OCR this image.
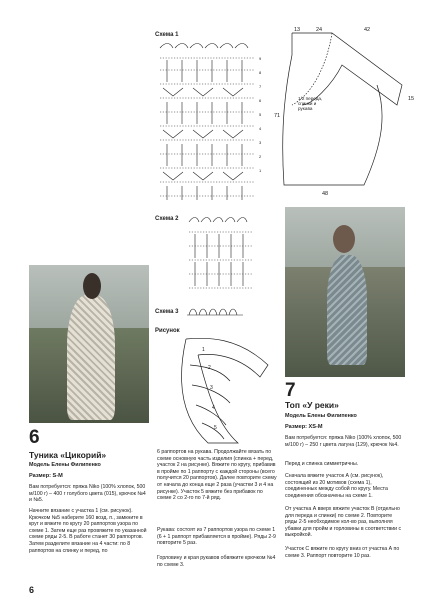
Схема 1
9
8
7
6
5
4
3
2
1
13	24	42
15
71
48
1/2 переда, спинки и рукава
Схема 2
Схема 3
Рисунок
1
2
3
4
5
6
Туника «Цикорий»
Модель Елены Филипенко
Размер: S-M
Вам потребуется: пряжа Niko (100% хлопок, 500 м/100 г) – 400 г голубого цвета (015), крючок №4 и №5.
Начните вязание с участка 1 (см. рисунок). Крючком №5 наберите 160 возд. п., замкните в круг и вяжите по кругу 20 раппортов узора по схеме 1. Затем еще раз провяжите по указанной схеме ряды 2-5. В работе станет 30 раппортов. Затем разделите вязание на 4 части: по 8 раппортов на спинку и перед, по
6 раппортов на рукава. Продолжайте вязать по схеме основную часть изделия (спинка + перед, участок 2 на рисунке). Вяжите по кругу, прибавив в пройме по 1 раппорту с каждой стороны (всего получится 20 раппортов). Далее повторите схему от начала до конца еще 2 раза (участки 3 и 4 на рисунке). Участок 5 вяжите без прибавок по схеме 2 со 2-го по 7-й ряд.
Рукава: состоят из 7 раппортов узора по схеме 1 (6 + 1 раппорт прибавляется в пройме). Ряды 2-9 повторите 5 раз.
Горловину и края рукавов обвяжите крючком №4 по схеме 3.
7
Топ «У реки»
Модель Елены Филипенко
Размер: XS-M
Вам потребуется: пряжа Niko (100% хлопок, 500 м/100 г) – 250 г цвета лагуна (129), крючок №4.
Перед и спинка симметричны.
Сначала вяжите участок А (см. рисунок), состоящий из 20 мотивов (схема 1), соединенных между собой по кругу. Места соединения обозначены на схеме 1.
От участка А вверх вяжите участок B (отдельно для переда и спинки) по схеме 2. Повторите ряды 2-5 необходимое кол-во раз, выполняя убавки для пройм и горловины в соответствии с выкройкой.
Участок С вяжите по кругу вниз от участка А по схеме 3. Раппорт повторите 10 раз.
6
